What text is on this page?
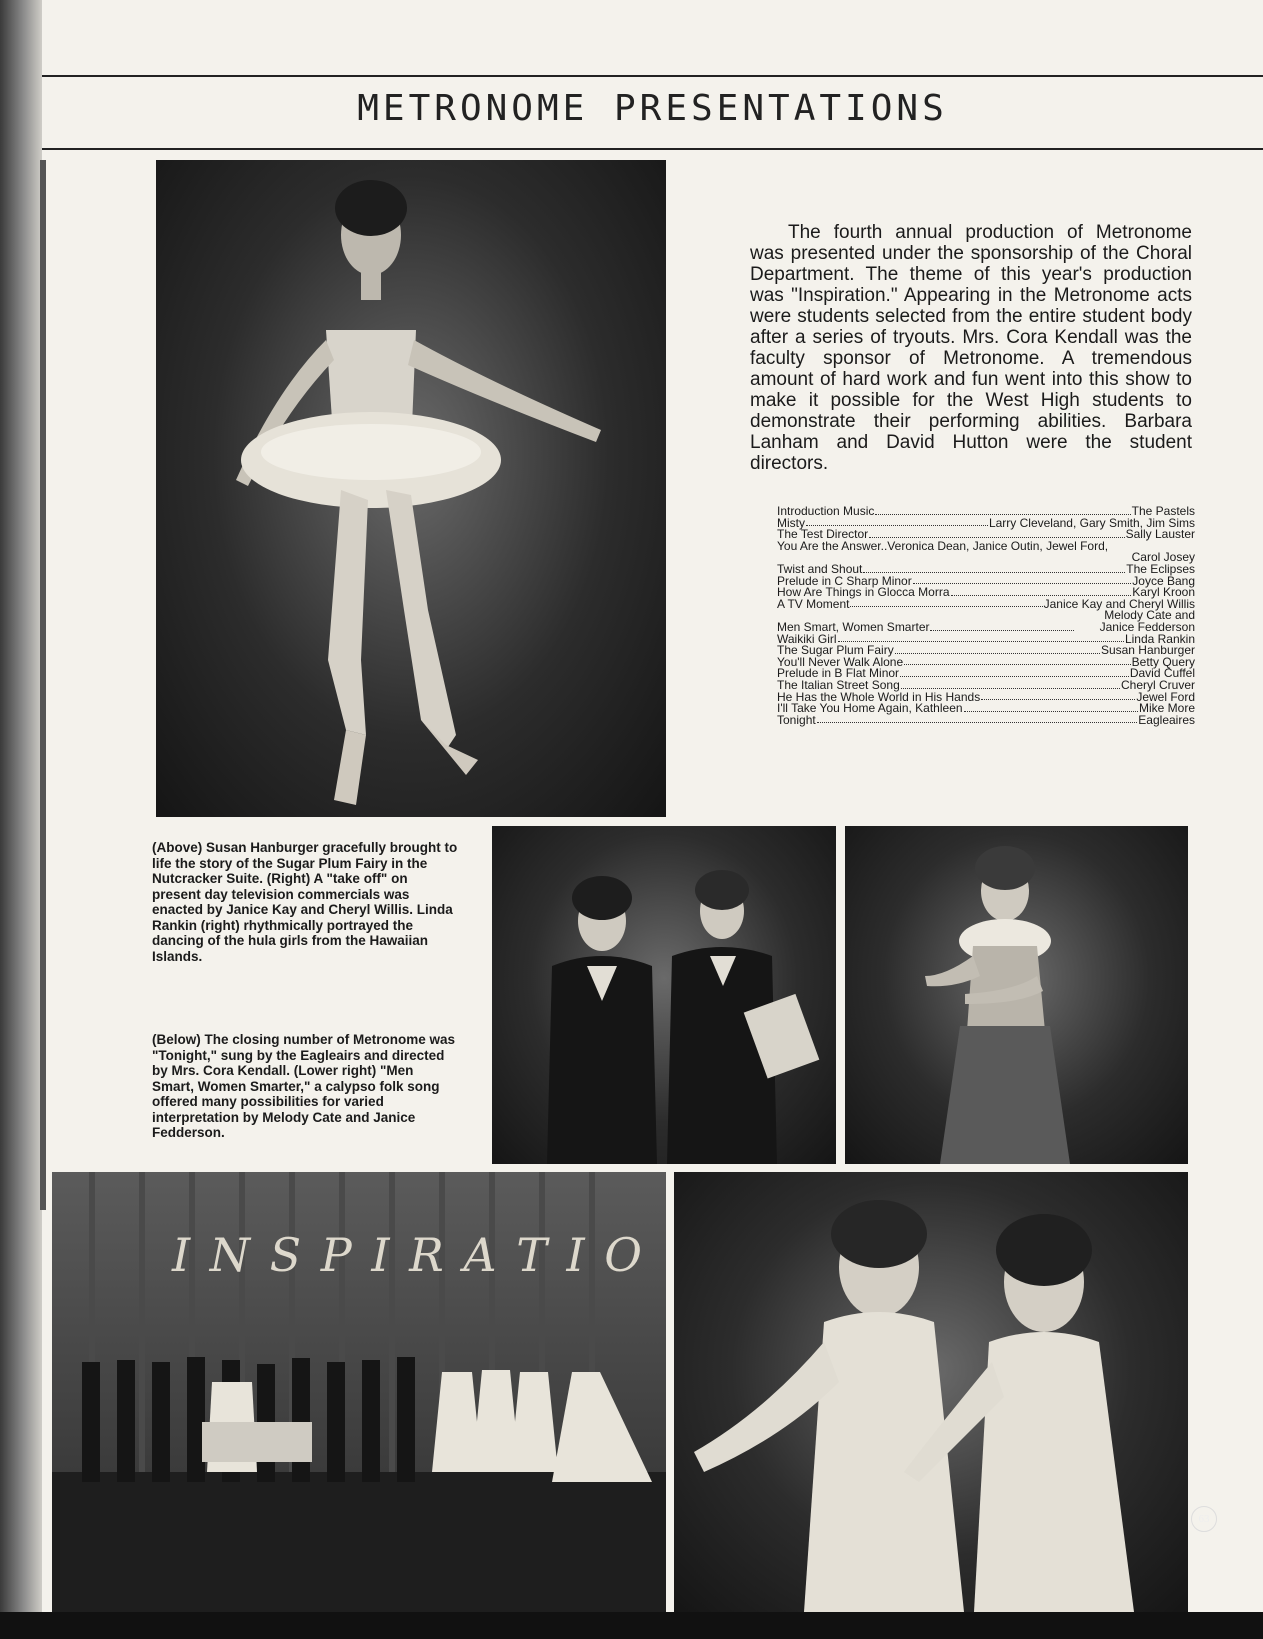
METRONOME PRESENTATIONS

The fourth annual production of Metronome was presented under the sponsorship of the Choral Department. The theme of this year's production was "Inspiration." Appearing in the Metronome acts were students selected from the entire student body after a series of tryouts. Mrs. Cora Kendall was the faculty sponsor of Metronome. A tremendous amount of hard work and fun went into this show to make it possible for the West High students to demonstrate their performing abilities. Barbara Lanham and David Hutton were the student directors.

Introduction Music	The Pastels
Misty	Larry Cleveland, Gary Smith, Jim Sims
The Test Director	Sally Lauster
You Are the Answer..Veronica Dean, Janice Outin, Jewel Ford,
Carol Josey
Twist and Shout	The Eclipses
Prelude in C Sharp Minor	Joyce Bang
How Are Things in Glocca Morra	Karyl Kroon
A TV Moment	Janice Kay and Cheryl Willis
Men Smart, Women Smarter
Melody Cate and Janice Fedderson
Waikiki Girl	Linda Rankin
The Sugar Plum Fairy	Susan Hanburger
You'll Never Walk Alone	Betty Query
Prelude in B Flat Minor	David Cuffel
The Italian Street Song	Cheryl Cruver
He Has the Whole World in His Hands	Jewel Ford
I'll Take You Home Again, Kathleen	Mike More
Tonight	Eagleaires

(Above) Susan Hanburger gracefully brought to life the story of the Sugar Plum Fairy in the Nutcracker Suite. (Right) A "take off" on present day television commercials was enacted by Janice Kay and Cheryl Willis. Linda Rankin (right) rhythmically portrayed the dancing of the hula girls from the Hawaiian Islands.

(Below) The closing number of Metronome was "Tonight," sung by the Eagleairs and directed by Mrs. Cora Kendall. (Lower right) "Men Smart, Women Smarter," a calypso folk song offered many possibilities for varied interpretation by Melody Cate and Janice Fedderson.

I N S P I R A T I O
63
